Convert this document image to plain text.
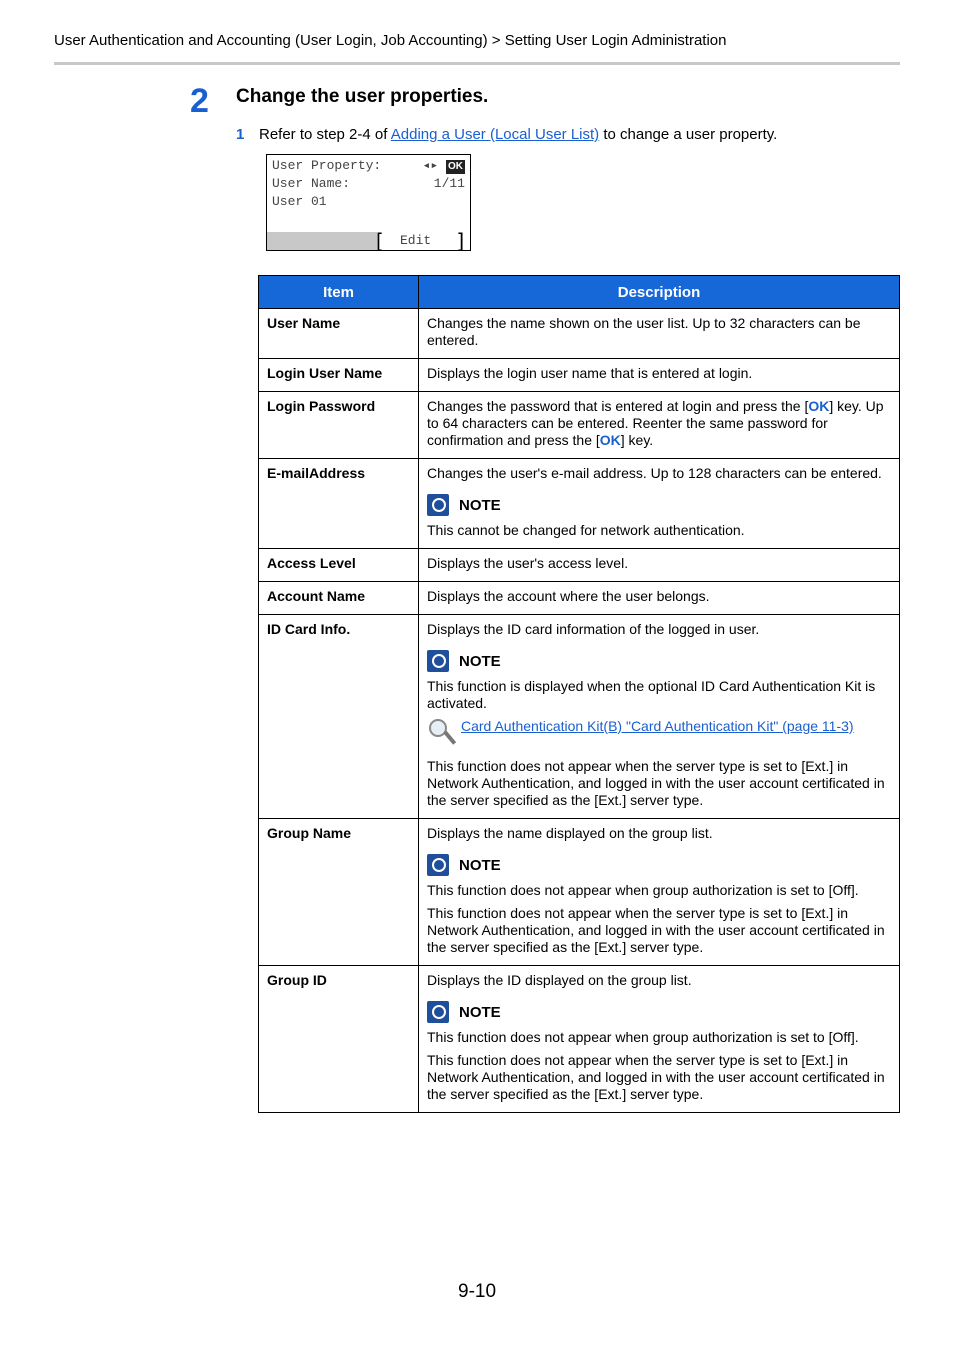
User Authentication and Accounting (User Login, Job Accounting) > Setting User Login Administration
2 Change the user properties.
1 Refer to step 2-4 of Adding a User (Local User List) to change a user property.
User Property:	◂▸ OK
User Name:	1/11
User 01
[ Edit ]
Item	Description
User Name	Changes the name shown on the user list. Up to 32 characters can be entered.
Login User Name	Displays the login user name that is entered at login.
Login Password	Changes the password that is entered at login and press the [OK] key. Up to 64 characters can be entered. Reenter the same password for confirmation and press the [OK] key.
E-mailAddress	Changes the user's e-mail address. Up to 128 characters can be entered.

NOTE

This cannot be changed for network authentication.

Access Level	Displays the user's access level.
Account Name	Displays the account where the user belongs.
ID Card Info.	Displays the ID card information of the logged in user.

NOTE

This function is displayed when the optional ID Card Authentication Kit is activated.

Card Authentication Kit(B) "Card Authentication Kit" (page 11-3)

This function does not appear when the server type is set to [Ext.] in Network Authentication, and logged in with the user account certificated in the server specified as the [Ext.] server type.

Group Name	Displays the name displayed on the group list.

NOTE

This function does not appear when group authorization is set to [Off].

This function does not appear when the server type is set to [Ext.] in Network Authentication, and logged in with the user account certificated in the server specified as the [Ext.] server type.

Group ID	Displays the ID displayed on the group list.

NOTE

This function does not appear when group authorization is set to [Off].

This function does not appear when the server type is set to [Ext.] in Network Authentication, and logged in with the user account certificated in the server specified as the [Ext.] server type.

9-10
